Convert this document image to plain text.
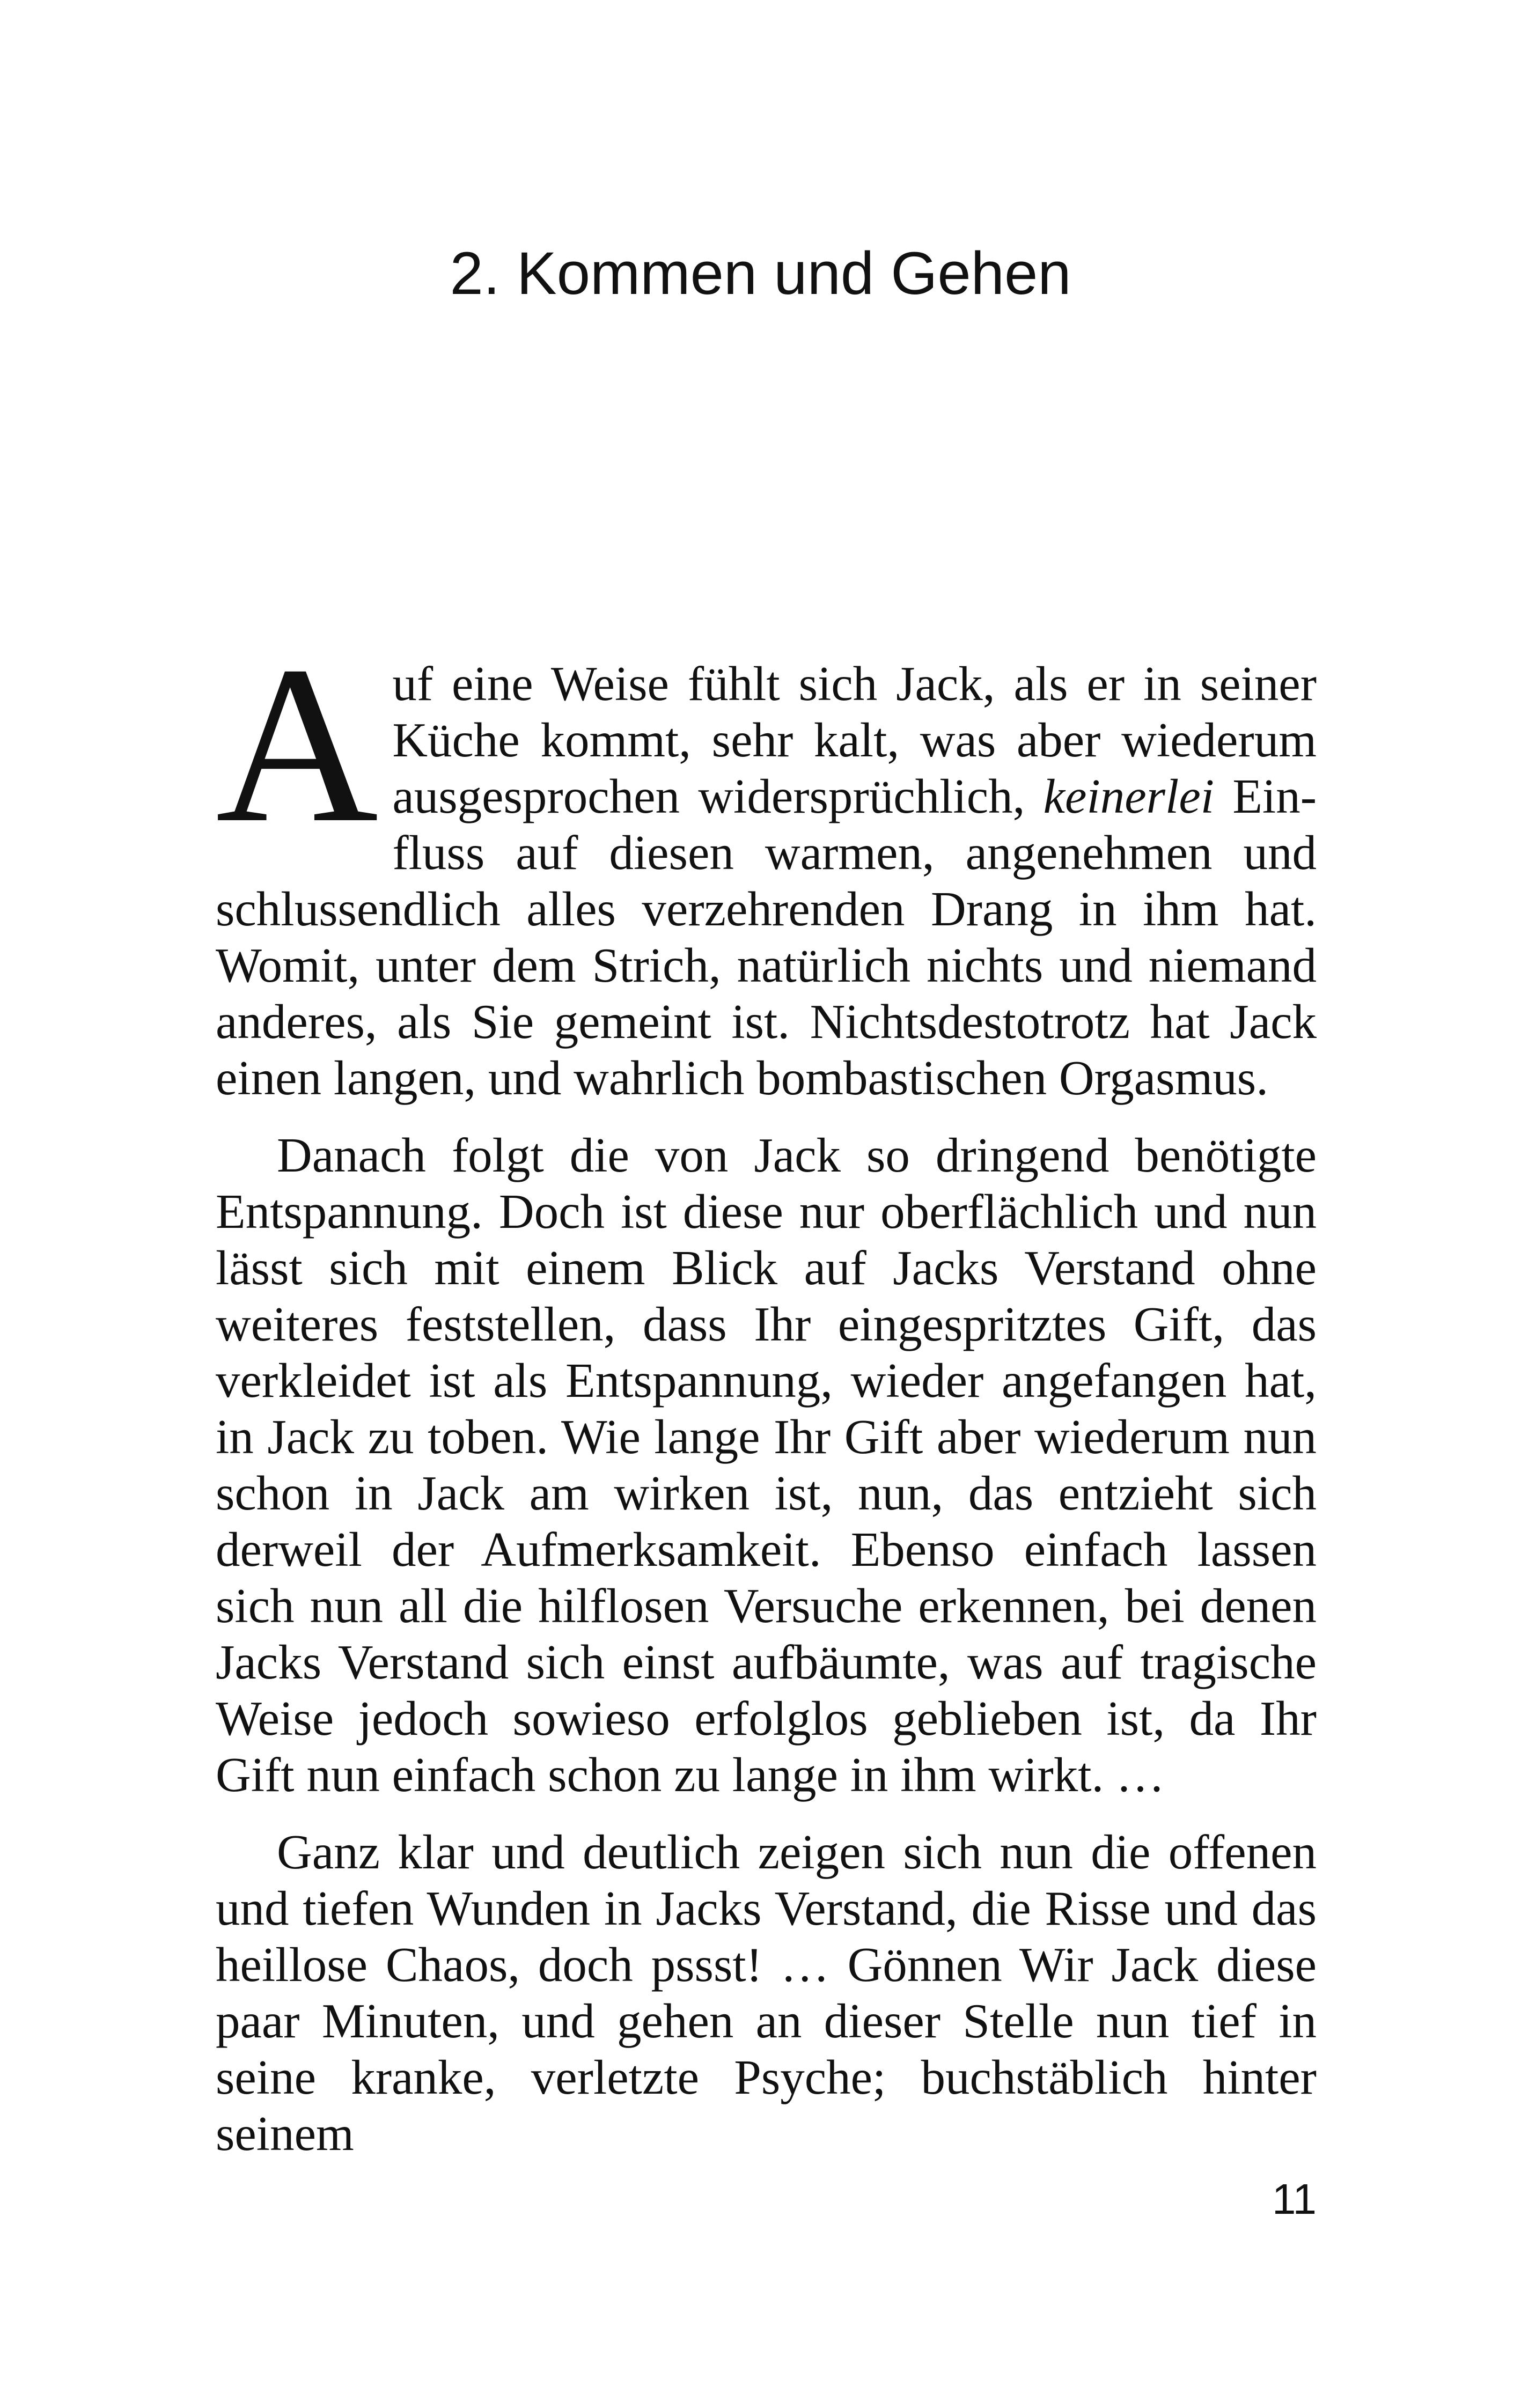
2. Kommen und Gehen

Auf eine Weise fühlt sich Jack, als er in seiner Küche kommt, sehr kalt, was aber wiederum ausgesprochen widersprüchlich, keinerlei Einfluss auf diesen warmen, angenehmen und schlussendlich alles verzehrenden Drang in ihm hat. Womit, unter dem Strich, natürlich nichts und niemand anderes, als Sie gemeint ist. Nichtsdestotrotz hat Jack einen langen, und wahrlich bombastischen Orgasmus.

Danach folgt die von Jack so dringend benötigte Entspannung. Doch ist diese nur oberflächlich und nun lässt sich mit einem Blick auf Jacks Verstand ohne weiteres feststellen, dass Ihr eingespritztes Gift, das verkleidet ist als Entspannung, wieder angefangen hat, in Jack zu toben. Wie lange Ihr Gift aber wiederum nun schon in Jack am wirken ist, nun, das entzieht sich derweil der Aufmerksamkeit. Ebenso einfach lassen sich nun all die hilflosen Versuche erkennen, bei denen Jacks Verstand sich einst aufbäumte, was auf tragische Weise jedoch sowieso erfolglos geblieben ist, da Ihr Gift nun einfach schon zu lange in ihm wirkt. …

Ganz klar und deutlich zeigen sich nun die offenen und tiefen Wunden in Jacks Verstand, die Risse und das heillose Chaos, doch pssst! … Gönnen Wir Jack diese paar Minuten, und gehen an dieser Stelle nun tief in seine kranke, verletzte Psyche; buchstäblich hinter seinem

11
